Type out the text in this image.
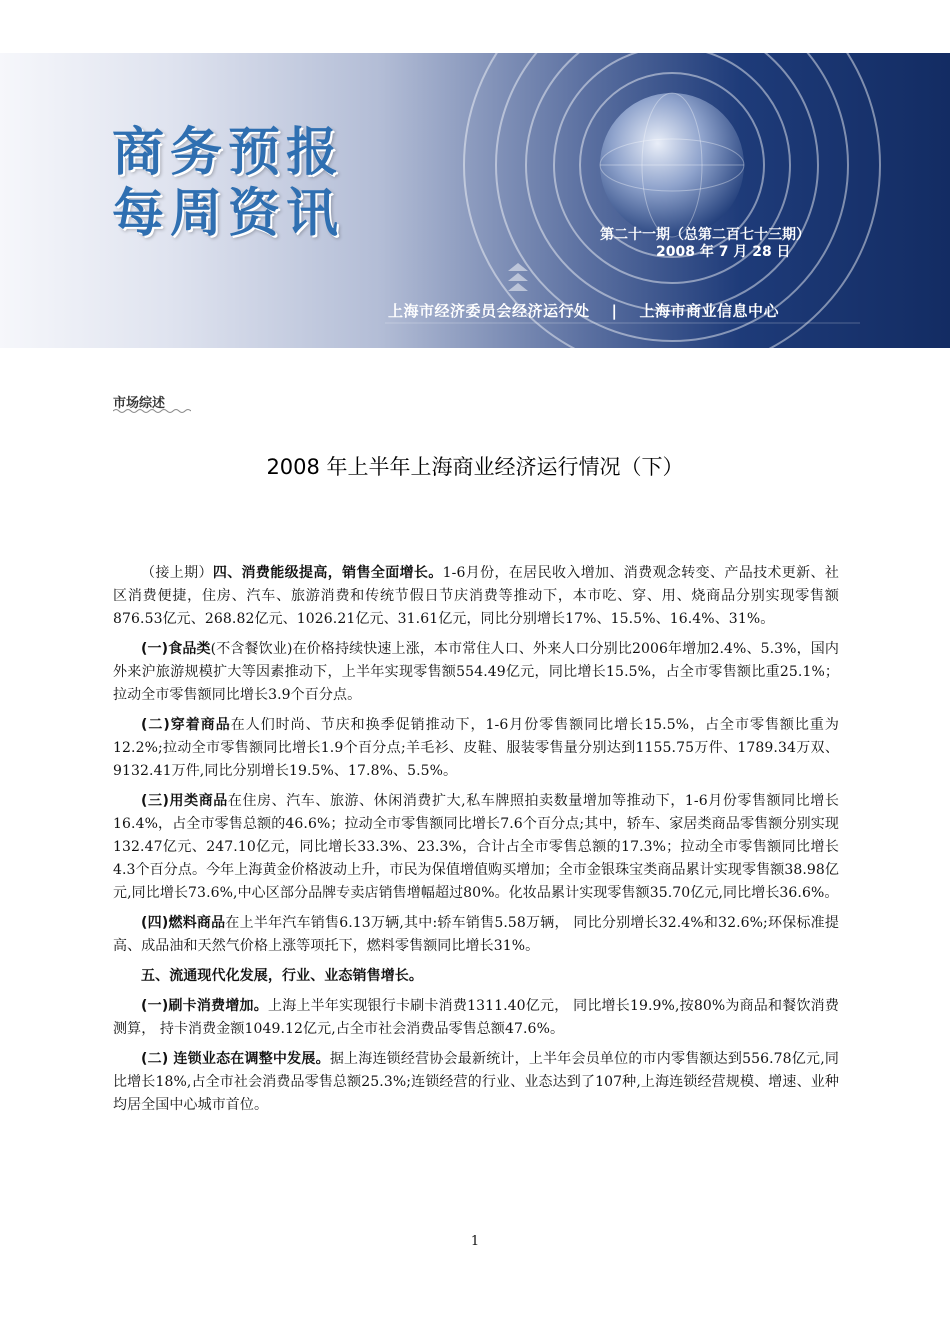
商务预报
每周资讯	第二十一期（总第二百七十三期）
2008 年 7 月 28 日
上海市经济委员会经济运行处 | 上海市商业信息中心
市场综述
2008 年上半年上海商业经济运行情况（下）

（接上期）四、消费能级提高，销售全面增长。1-6月份，在居民收入增加、消费观念转变、产品技术更新、社区消费便捷，住房、汽车、旅游消费和传统节假日节庆消费等推动下，本市吃、穿、用、烧商品分别实现零售额876.53亿元、268.82亿元、1026.21亿元、31.61亿元，同比分别增长17%、15.5%、16.4%、31%。

(一)食品类(不含餐饮业)在价格持续快速上涨，本市常住人口、外来人口分别比2006年增加2.4%、5.3%，国内外来沪旅游规模扩大等因素推动下，上半年实现零售额554.49亿元，同比增长15.5%，占全市零售额比重25.1%；拉动全市零售额同比增长3.9个百分点。

(二)穿着商品在人们时尚、节庆和换季促销推动下，1-6月份零售额同比增长15.5%，占全市零售额比重为12.2%;拉动全市零售额同比增长1.9个百分点;羊毛衫、皮鞋、服装零售量分别达到1155.75万件、1789.34万双、9132.41万件,同比分别增长19.5%、17.8%、5.5%。

(三)用类商品在住房、汽车、旅游、休闲消费扩大,私车牌照拍卖数量增加等推动下，1-6月份零售额同比增长16.4%，占全市零售总额的46.6%；拉动全市零售额同比增长7.6个百分点;其中，轿车、家居类商品零售额分别实现132.47亿元、247.10亿元，同比增长33.3%、23.3%，合计占全市零售总额的17.3%；拉动全市零售额同比增长4.3个百分点。今年上海黄金价格波动上升，市民为保值增值购买增加；全市金银珠宝类商品累计实现零售额38.98亿元,同比增长73.6%,中心区部分品牌专卖店销售增幅超过80%。化妆品累计实现零售额35.70亿元,同比增长36.6%。

(四)燃料商品在上半年汽车销售6.13万辆,其中:轿车销售5.58万辆， 同比分别增长32.4%和32.6%;环保标准提高、成品油和天然气价格上涨等项托下，燃料零售额同比增长31%。

五、流通现代化发展，行业、业态销售增长。

(一)刷卡消费增加。上海上半年实现银行卡刷卡消费1311.40亿元， 同比增长19.9%,按80%为商品和餐饮消费测算， 持卡消费金额1049.12亿元,占全市社会消费品零售总额47.6%。

(二) 连锁业态在调整中发展。据上海连锁经营协会最新统计，上半年会员单位的市内零售额达到556.78亿元,同比增长18%,占全市社会消费品零售总额25.3%;连锁经营的行业、业态达到了107种,上海连锁经营规模、增速、业种均居全国中心城市首位。

1
